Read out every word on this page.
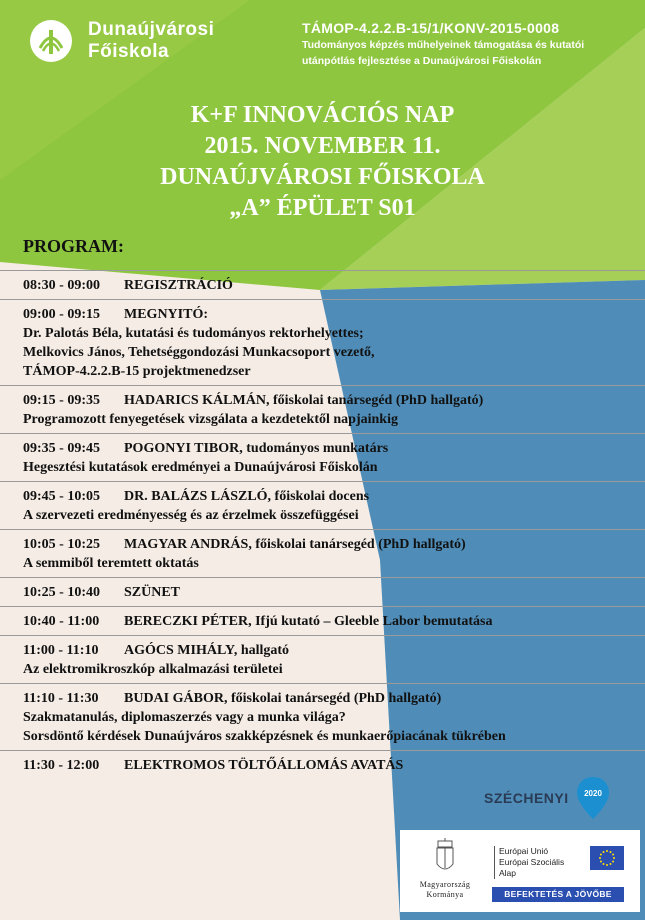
Dunaújvárosi
Főiskola
TÁMOP-4.2.2.B-15/1/KONV-2015-0008
Tudományos képzés műhelyeinek támogatása és kutatói
utánpótlás fejlesztése a Dunaújvárosi Főiskolán
K+F INNOVÁCIÓS NAP
2015. NOVEMBER 11.
DUNAÚJVÁROSI FŐISKOLA
„A” ÉPÜLET S01
PROGRAM:
08:30 - 09:00 REGISZTRÁCIÓ
09:00 - 09:15 MEGNYITÓ:
Dr. Palotás Béla, kutatási és tudományos rektorhelyettes;
Melkovics János, Tehetséggondozási Munkacsoport vezető,
TÁMOP-4.2.2.B-15 projektmenedzser
09:15 - 09:35 HADARICS KÁLMÁN, főiskolai tanársegéd (PhD hallgató)
Programozott fenyegetések vizsgálata a kezdetektől napjainkig
09:35 - 09:45 POGONYI TIBOR, tudományos munkatárs
Hegesztési kutatások eredményei a Dunaújvárosi Főiskolán
09:45 - 10:05 DR. BALÁZS LÁSZLÓ, főiskolai docens
A szervezeti eredményesség és az érzelmek összefüggései
10:05 - 10:25 MAGYAR ANDRÁS, főiskolai tanársegéd (PhD hallgató)
A semmiből teremtett oktatás
10:25 - 10:40 SZÜNET
10:40 - 11:00 BERECZKI PÉTER, Ifjú kutató – Gleeble Labor bemutatása
11:00 - 11:10 AGÓCS MIHÁLY, hallgató
Az elektromikroszkóp alkalmazási területei
11:10 - 11:30 BUDAI GÁBOR, főiskolai tanársegéd (PhD hallgató)
Szakmatanulás, diplomaszerzés vagy a munka világa?
Sorsdöntő kérdések Dunaújváros szakképzésnek és munkaerőpiacának tükrében
11:30 - 12:00 ELEKTROMOS TÖLTŐÁLLOMÁS AVATÁS
SZÉCHENYI 2020
Magyarország
Kormánya
Európai Unió
Európai Szociális
Alap
BEFEKTETÉS A JÖVŐBE
